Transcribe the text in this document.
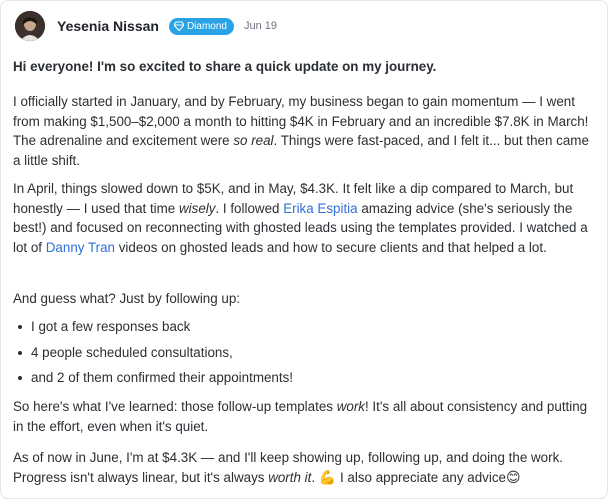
Yesenia Nissan	Diamond Jun 19
Hi everyone! I'm so excited to share a quick update on my journey.

I officially started in January, and by February, my business began to gain momentum — I went from making $1,500–$2,000 a month to hitting $4K in February and an incredible $7.8K in March! The adrenaline and excitement were so real. Things were fast-paced, and I felt it... but then came a little shift.

In April, things slowed down to $5K, and in May, $4.3K. It felt like a dip compared to March, but honestly — I used that time wisely. I followed Erika Espitia amazing advice (she's seriously the best!) and focused on reconnecting with ghosted leads using the templates provided. I watched a lot of Danny Tran videos on ghosted leads and how to secure clients and that helped a lot.

And guess what? Just by following up:

I got a few responses back
4 people scheduled consultations,
and 2 of them confirmed their appointments!

So here's what I've learned: those follow-up templates work! It's all about consistency and putting in the effort, even when it's quiet.

As of now in June, I'm at $4.3K — and I'll keep showing up, following up, and doing the work. Progress isn't always linear, but it's always worth it. 💪 I also appreciate any advice😊
